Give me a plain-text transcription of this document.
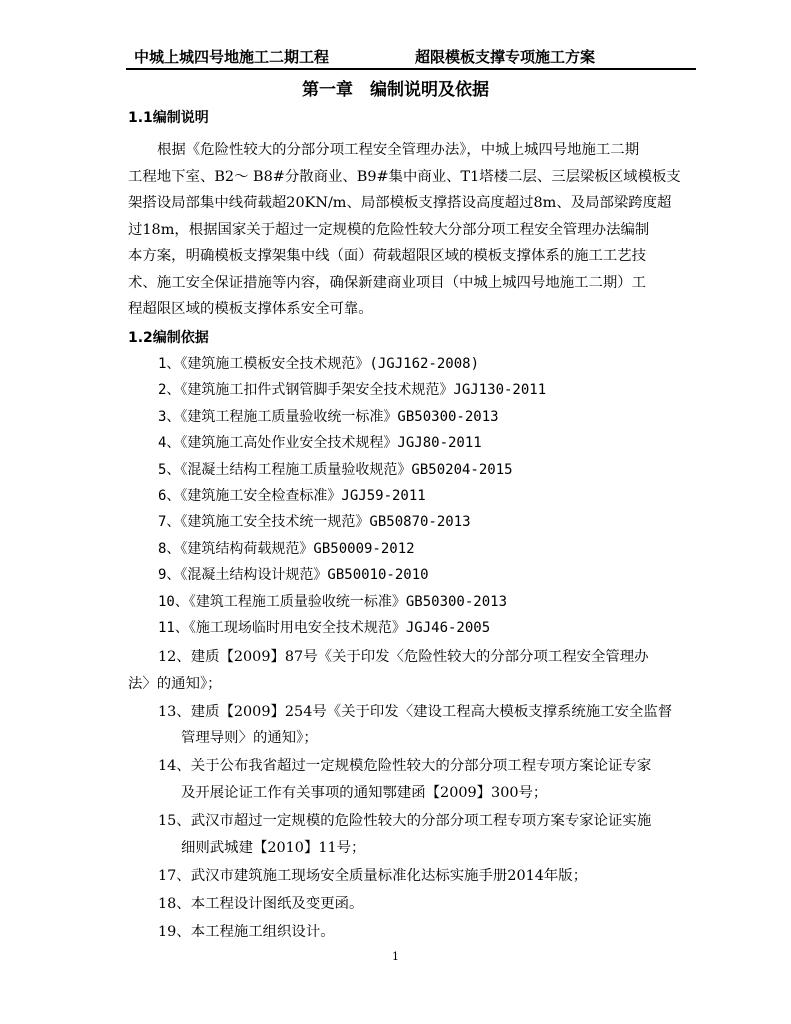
中城上城四号地施工二期工程	超限模板支撑专项施工方案
第一章　编制说明及依据
1.1编制说明
根据《危险性较大的分部分项工程安全管理办法》，中城上城四号地施工二期
工程地下室、B2～ B8#分散商业、B9#集中商业、T1塔楼二层、三层梁板区域模板支
架搭设局部集中线荷载超20KN/m、局部模板支撑搭设高度超过8m、及局部梁跨度超
过18m，根据国家关于超过一定规模的危险性较大分部分项工程安全管理办法编制
本方案，明确模板支撑架集中线（面）荷载超限区域的模板支撑体系的施工工艺技
术、施工安全保证措施等内容，确保新建商业项目（中城上城四号地施工二期）工
程超限区域的模板支撑体系安全可靠。
1.2编制依据
1、《建筑施工模板安全技术规范》(JGJ162-2008)
2、《建筑施工扣件式钢管脚手架安全技术规范》JGJ130-2011
3、《建筑工程施工质量验收统一标准》GB50300-2013
4、《建筑施工高处作业安全技术规程》JGJ80-2011
5、《混凝土结构工程施工质量验收规范》GB50204-2015
6、《建筑施工安全检查标准》JGJ59-2011
7、《建筑施工安全技术统一规范》GB50870-2013
8、《建筑结构荷载规范》GB50009-2012
9、《混凝土结构设计规范》GB50010-2010
10、《建筑工程施工质量验收统一标准》GB50300-2013
11、《施工现场临时用电安全技术规范》JGJ46-2005
12、建质【2009】87号《关于印发〈危险性较大的分部分项工程安全管理办
法〉的通知》；
13、建质【2009】254号《关于印发〈建设工程高大模板支撑系统施工安全监督
管理导则〉的通知》；
14、关于公布我省超过一定规模危险性较大的分部分项工程专项方案论证专家
及开展论证工作有关事项的通知鄂建函【2009】300号；
15、武汉市超过一定规模的危险性较大的分部分项工程专项方案专家论证实施
细则武城建【2010】11号；
17、武汉市建筑施工现场安全质量标准化达标实施手册2014年版；
18、本工程设计图纸及变更函。
19、本工程施工组织设计。
1
